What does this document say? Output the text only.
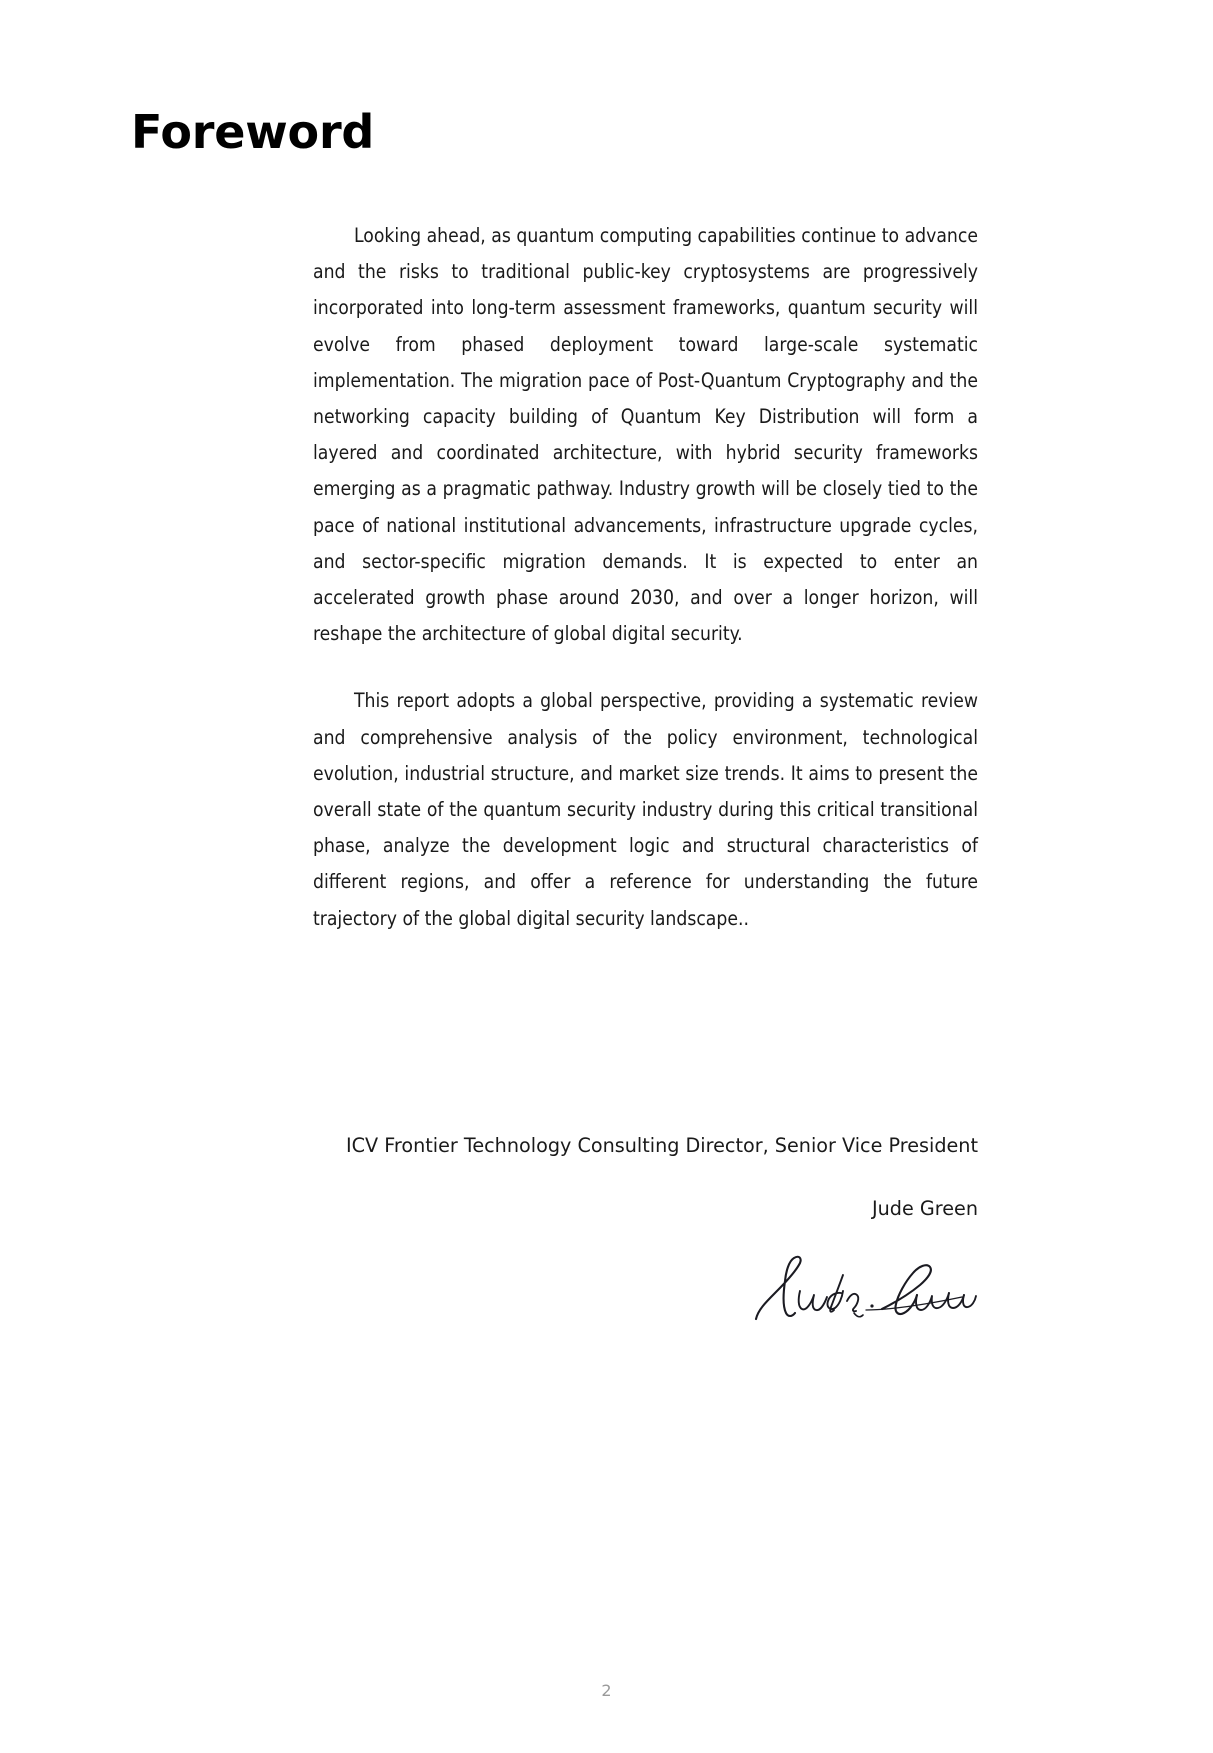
Foreword

Looking ahead, as quantum computing capabilities continue to advance and the risks to traditional public-key cryptosystems are progressively incorporated into long-term assessment frameworks, quantum security will evolve from phased deployment toward large-scale systematic implementation. The migration pace of Post-Quantum Cryptography and the networking capacity building of Quantum Key Distribution will form a layered and coordinated architecture, with hybrid security frameworks emerging as a pragmatic pathway. Industry growth will be closely tied to the pace of national institutional advancements, infrastructure upgrade cycles, and sector-specific migration demands. It is expected to enter an accelerated growth phase around 2030, and over a longer horizon, will reshape the architecture of global digital security.

This report adopts a global perspective, providing a systematic review and comprehensive analysis of the policy environment, technological evolution, industrial structure, and market size trends. It aims to present the overall state of the quantum security industry during this critical transitional phase, analyze the development logic and structural characteristics of different regions, and offer a reference for understanding the future trajectory of the global digital security landscape..

ICV Frontier Technology Consulting Director, Senior Vice President

Jude Green

2
